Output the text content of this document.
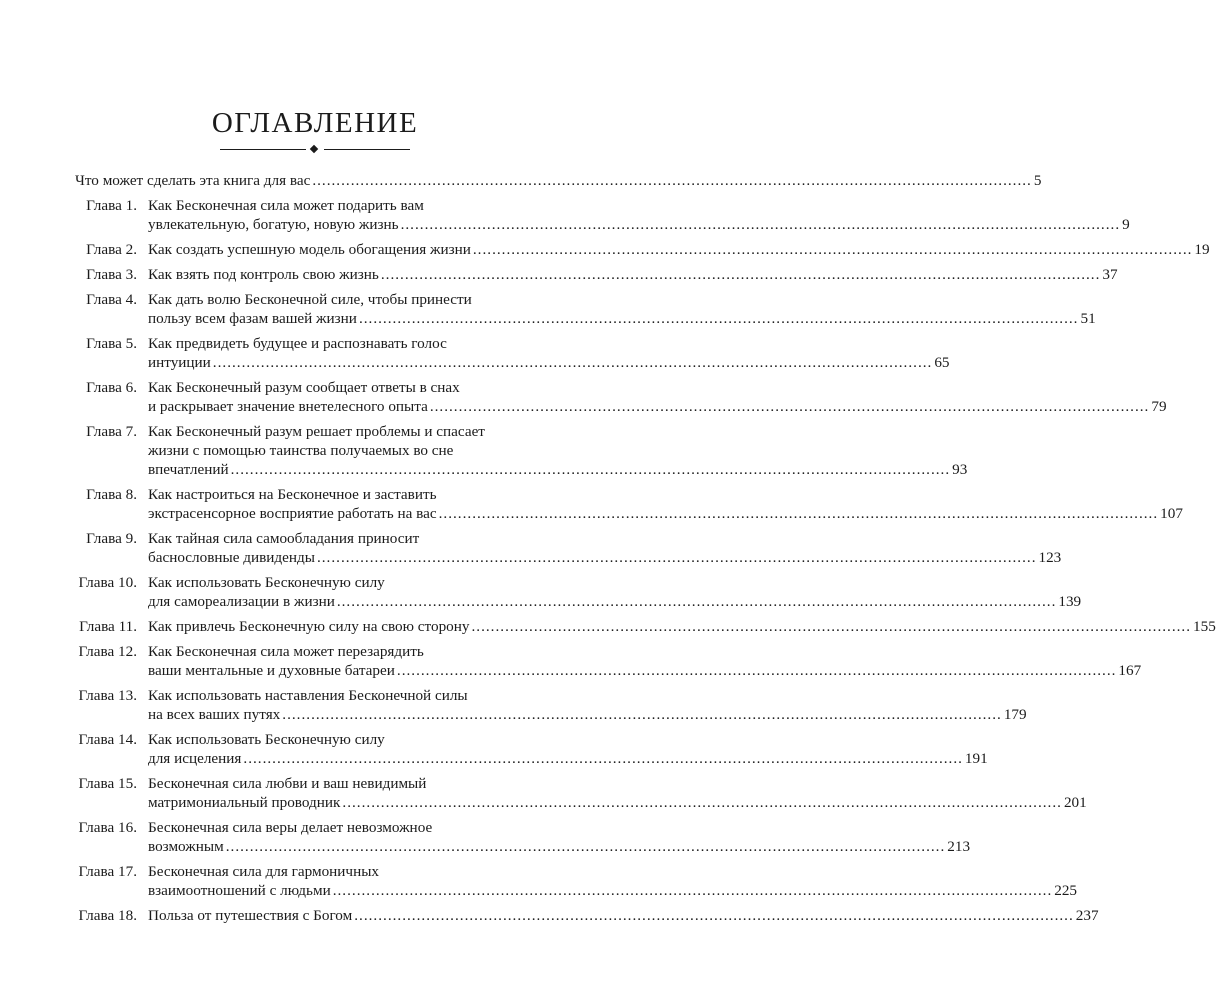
ОГЛАВЛЕНИЕ
Что может сделать эта книга для вас ...................................................................................................................................................... 5
Глава 1. Как Бесконечная сила может подарить вам
увлекательную, богатую, новую жизнь ...................................................................................................................................................... 9
Глава 2. Как создать успешную модель обогащения жизни ...................................................................................................................................................... 19
Глава 3. Как взять под контроль свою жизнь ...................................................................................................................................................... 37
Глава 4. Как дать волю Бесконечной силе, чтобы принести
пользу всем фазам вашей жизни ...................................................................................................................................................... 51
Глава 5. Как предвидеть будущее и распознавать голос
интуиции ...................................................................................................................................................... 65
Глава 6. Как Бесконечный разум сообщает ответы в снах
и раскрывает значение внетелесного опыта ...................................................................................................................................................... 79
Глава 7. Как Бесконечный разум решает проблемы и спасает
жизни с помощью таинства получаемых во сне
впечатлений ...................................................................................................................................................... 93
Глава 8. Как настроиться на Бесконечное и заставить
экстрасенсорное восприятие работать на вас ...................................................................................................................................................... 107
Глава 9. Как тайная сила самообладания приносит
баснословные дивиденды ...................................................................................................................................................... 123
Глава 10. Как использовать Бесконечную силу
для самореализации в жизни ...................................................................................................................................................... 139
Глава 11. Как привлечь Бесконечную силу на свою сторону ...................................................................................................................................................... 155
Глава 12. Как Бесконечная сила может перезарядить
ваши ментальные и духовные батареи ...................................................................................................................................................... 167
Глава 13. Как использовать наставления Бесконечной силы
на всех ваших путях ...................................................................................................................................................... 179
Глава 14. Как использовать Бесконечную силу
для исцеления ...................................................................................................................................................... 191
Глава 15. Бесконечная сила любви и ваш невидимый
матримониальный проводник ...................................................................................................................................................... 201
Глава 16. Бесконечная сила веры делает невозможное
возможным ...................................................................................................................................................... 213
Глава 17. Бесконечная сила для гармоничных
взаимоотношений с людьми ...................................................................................................................................................... 225
Глава 18. Польза от путешествия с Богом ...................................................................................................................................................... 237
